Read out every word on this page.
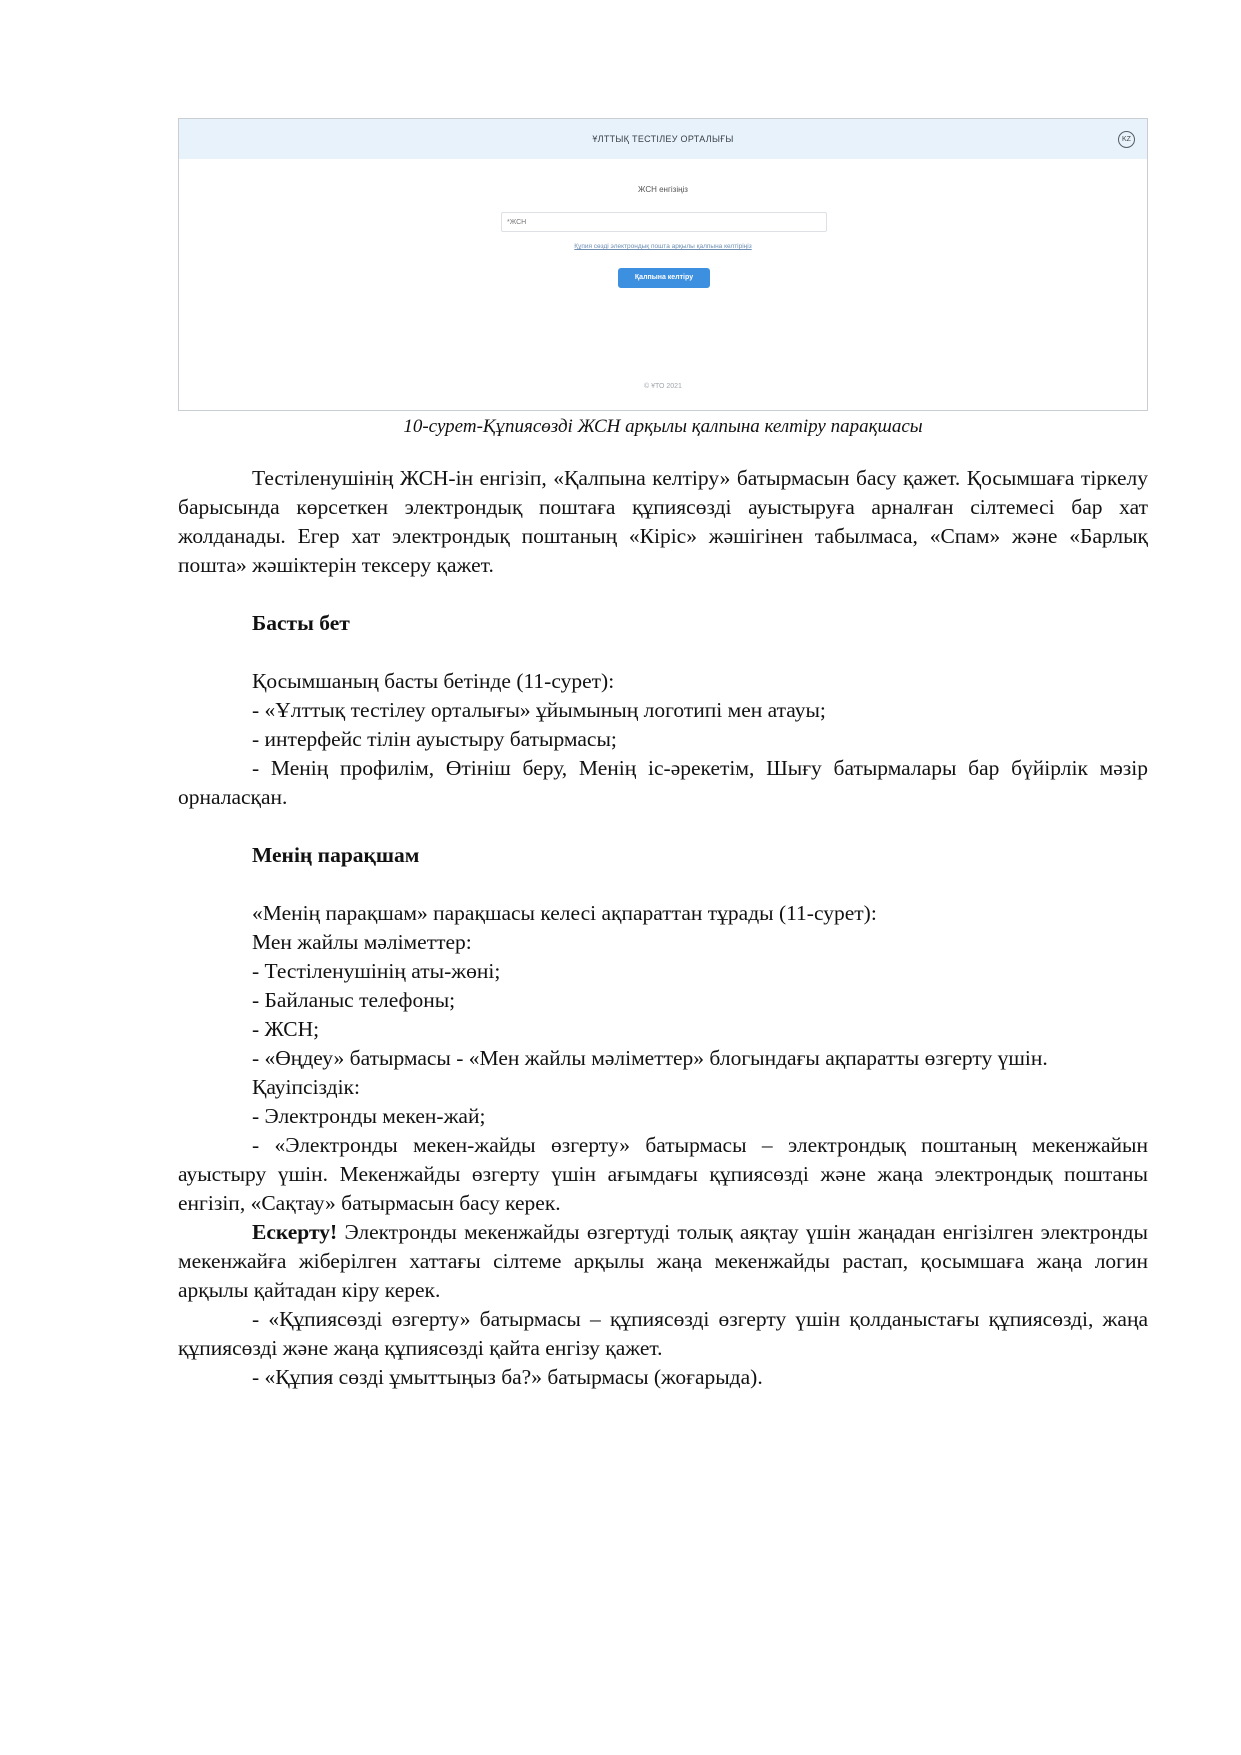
ҰЛТТЫҚ ТЕСТІЛЕУ ОРТАЛЫҒЫ	KZ
ЖСН енгізіңіз
*ЖСН
Құпия сөзді электрондық пошта арқылы қалпына келтіріңіз
Қалпына келтіру
© ҰТО 2021
10-сурет-Құпиясөзді ЖСН арқылы қалпына келтіру парақшасы

Тестіленушінің ЖСН-ін енгізіп, «Қалпына келтіру» батырмасын басу қажет. Қосымшаға тіркелу барысында көрсеткен электрондық поштаға құпиясөзді ауыстыруға арналған сілтемесі бар хат жолданады. Егер хат электрондық поштаның «Кіріс» жәшігінен табылмаса, «Спам» және «Барлық пошта» жәшіктерін тексеру қажет.

Басты бет

Қосымшаның басты бетінде (11-сурет):

- «Ұлттық тестілеу орталығы» ұйымының логотипі мен атауы;

- интерфейс тілін ауыстыру батырмасы;

- Менің профилім, Өтініш беру, Менің іс-әрекетім, Шығу батырмалары бар бүйірлік мәзір орналасқан.

Менің парақшам

«Менің парақшам» парақшасы келесі ақпараттан тұрады (11-сурет):

Мен жайлы мәліметтер:

- Тестіленушінің аты-жөні;

- Байланыс телефоны;

- ЖСН;

- «Өңдеу» батырмасы - «Мен жайлы мәліметтер» блогындағы ақпаратты өзгерту үшін.

Қауіпсіздік:

- Электронды мекен-жай;

- «Электронды мекен-жайды өзгерту» батырмасы – электрондық поштаның мекенжайын ауыстыру үшін. Мекенжайды өзгерту үшін ағымдағы құпиясөзді және жаңа электрондық поштаны енгізіп, «Сақтау» батырмасын басу керек.

Ескерту! Электронды мекенжайды өзгертуді толық аяқтау үшін жаңадан енгізілген электронды мекенжайға жіберілген хаттағы сілтеме арқылы жаңа мекенжайды растап, қосымшаға жаңа логин арқылы қайтадан кіру керек.

- «Құпиясөзді өзгерту» батырмасы – құпиясөзді өзгерту үшін қолданыстағы құпиясөзді, жаңа құпиясөзді және жаңа құпиясөзді қайта енгізу қажет.

- «Құпия сөзді ұмыттыңыз ба?» батырмасы (жоғарыда).
